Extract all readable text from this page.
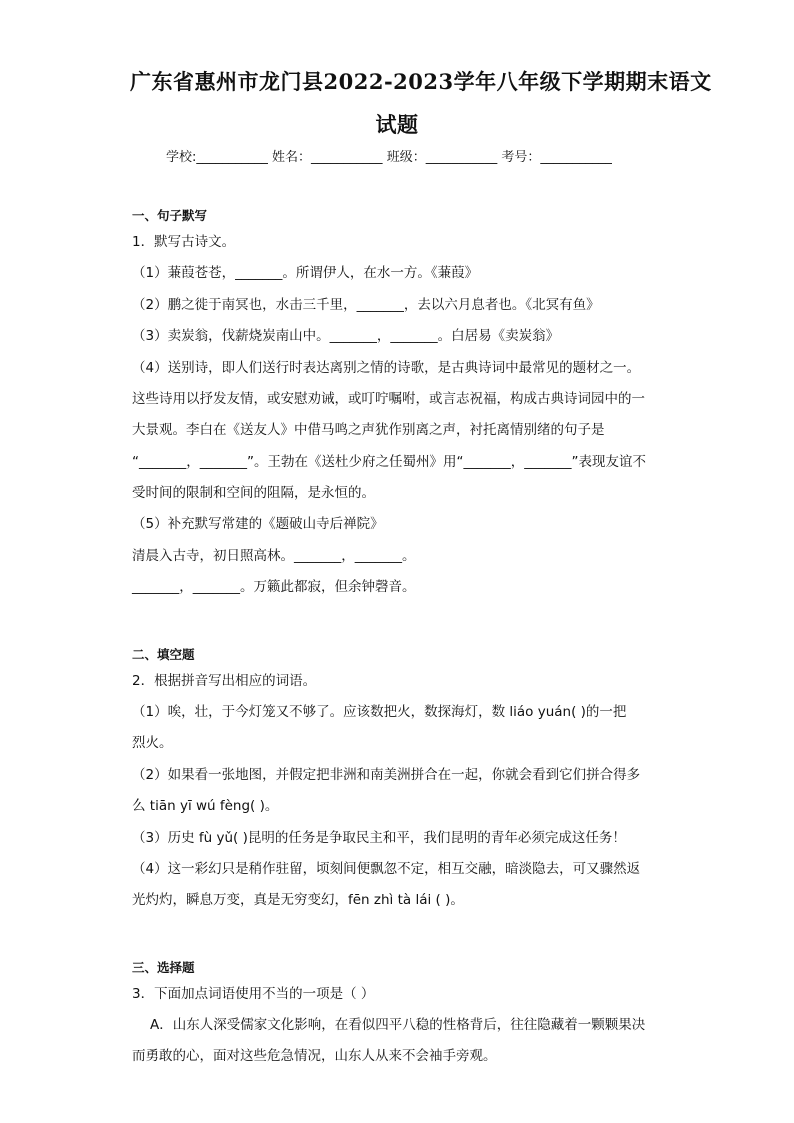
广东省惠州市龙门县2022-2023学年八年级下学期期末语文
试题
学校:___________ 姓名：___________ 班级：___________ 考号：___________
一、句子默写
1．默写古诗文。
（1）蒹葭苍苍，_______。所谓伊人，在水一方。《蒹葭》
（2）鹏之徙于南冥也，水击三千里，_______，去以六月息者也。《北冥有鱼》
（3）卖炭翁，伐薪烧炭南山中。_______，_______。白居易《卖炭翁》
（4）送别诗，即人们送行时表达离别之情的诗歌，是古典诗词中最常见的题材之一。
这些诗用以抒发友情，或安慰劝诫，或叮咛嘱咐，或言志祝福，构成古典诗词园中的一
大景观。李白在《送友人》中借马鸣之声犹作别离之声，衬托离情别绪的句子是
“_______，_______”。王勃在《送杜少府之任蜀州》用“_______，_______”表现友谊不
受时间的限制和空间的阻隔，是永恒的。
（5）补充默写常建的《题破山寺后禅院》
清晨入古寺，初日照高林。_______，_______。
_______，_______。万籁此都寂，但余钟磬音。
二、填空题
2．根据拼音写出相应的词语。
（1）唉，壮，于今灯笼又不够了。应该数把火，数探海灯，数 liáo yuán( )的一把
烈火。
（2）如果看一张地图，并假定把非洲和南美洲拼合在一起，你就会看到它们拼合得多
么 tiān yī wú fèng( )。
（3）历史 fù yǔ( )昆明的任务是争取民主和平，我们昆明的青年必须完成这任务！
（4）这一彩幻只是稍作驻留，顷刻间便飘忽不定，相互交融，暗淡隐去，可又骤然返
光灼灼，瞬息万变，真是无穷变幻，fēn zhì tà lái ( )。
三、选择题
3．下面加点词语使用不当的一项是（ ）
A．山东人深受儒家文化影响，在看似四平八稳的性格背后，往往隐藏着一颗颗果决
而勇敢的心，面对这些危急情况，山东人从来不会袖手旁观。
